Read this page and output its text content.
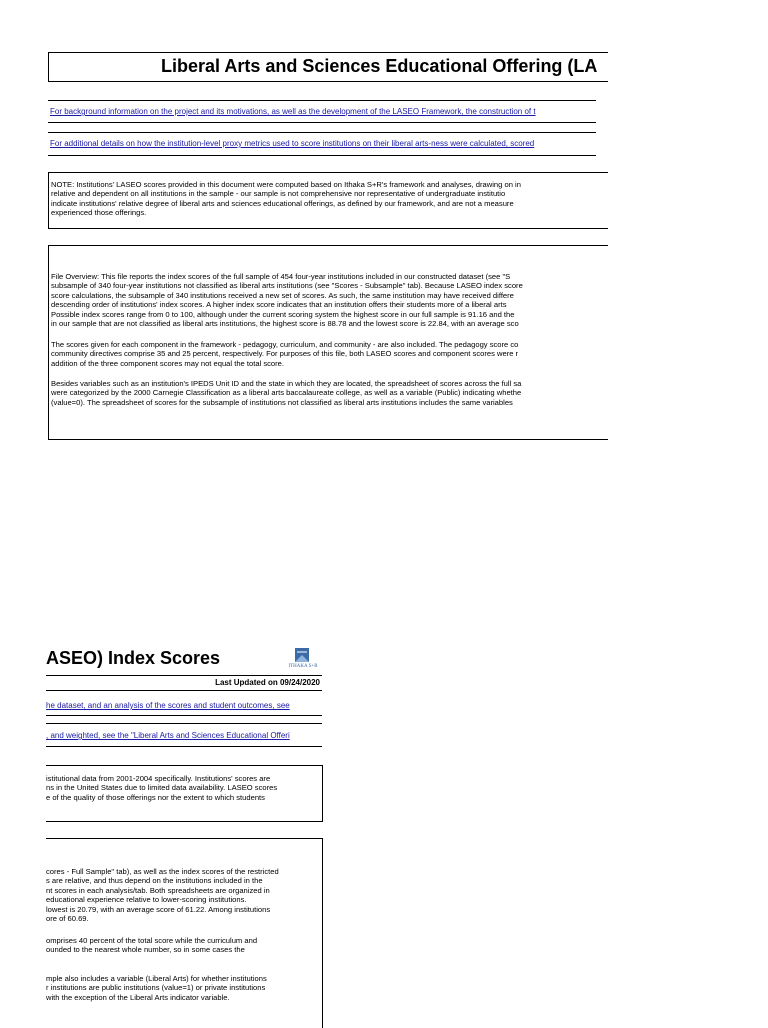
Liberal Arts and Sciences Educational Offering (LA
For background information on the project and its motivations, as well as the development of the LASEO Framework, the construction of t
For additional details on how the institution-level proxy metrics used to score institutions on their liberal arts-ness were calculated, scored
NOTE: Institutions' LASEO scores provided in this document were computed based on Ithaka S+R's framework and analyses, drawing on in
relative and dependent on all institutions in the sample - our sample is not comprehensive nor representative of undergraduate institutio
indicate institutions' relative degree of liberal arts and sciences educational offerings, as defined by our framework, and are not a measure
experienced those offerings.
File Overview: This file reports the index scores of the full sample of 454 four-year institutions included in our constructed dataset (see "S
subsample of 340 four-year institutions not classified as liberal arts institutions (see "Scores - Subsample" tab). Because LASEO index score
score calculations, the subsample of 340 institutions received a new set of scores. As such, the same institution may have received differe
descending order of institutions' index scores. A higher index score indicates that an institution offers their students more of a liberal arts
Possible index scores range from 0 to 100, although under the current scoring system the highest score in our full sample is 91.16 and the
in our sample that are not classified as liberal arts institutions, the highest score is 88.78 and the lowest score is 22.84, with an average sco
The scores given for each component in the framework - pedagogy, curriculum, and community - are also included. The pedagogy score co
community directives comprise 35 and 25 percent, respectively. For purposes of this file, both LASEO scores and component scores were r
addition of the three component scores may not equal the total score.
Besides variables such as an institution's IPEDS Unit ID and the state in which they are located, the spreadsheet of scores across the full sa
were categorized by the 2000 Carnegie Classification as a liberal arts baccalaureate college, as well as a variable (Public) indicating whethe
(value=0). The spreadsheet of scores for the subsample of institutions not classified as liberal arts institutions includes the same variables
ASEO) Index Scores	ITHAKA S+R
Last Updated on 09/24/2020
he dataset, and an analysis of the scores and student outcomes, see
, and weighted, see the "Liberal Arts and Sciences Educational Offeri
istitutional data from 2001-2004 specifically. Institutions' scores are
ns in the United States due to limited data availability. LASEO scores
e of the quality of those offerings nor the extent to which students
cores - Full Sample" tab), as well as the index scores of the restricted
s are relative, and thus depend on the institutions included in the
nt scores in each analysis/tab. Both spreadsheets are organized in
educational experience relative to lower-scoring institutions.
lowest is 20.79, with an average score of 61.22. Among institutions
ore of 60.69.
omprises 40 percent of the total score while the curriculum and
ounded to the nearest whole number, so in some cases the
mple also includes a variable (Liberal Arts) for whether institutions
r institutions are public institutions (value=1) or private institutions
with the exception of the Liberal Arts indicator variable.
